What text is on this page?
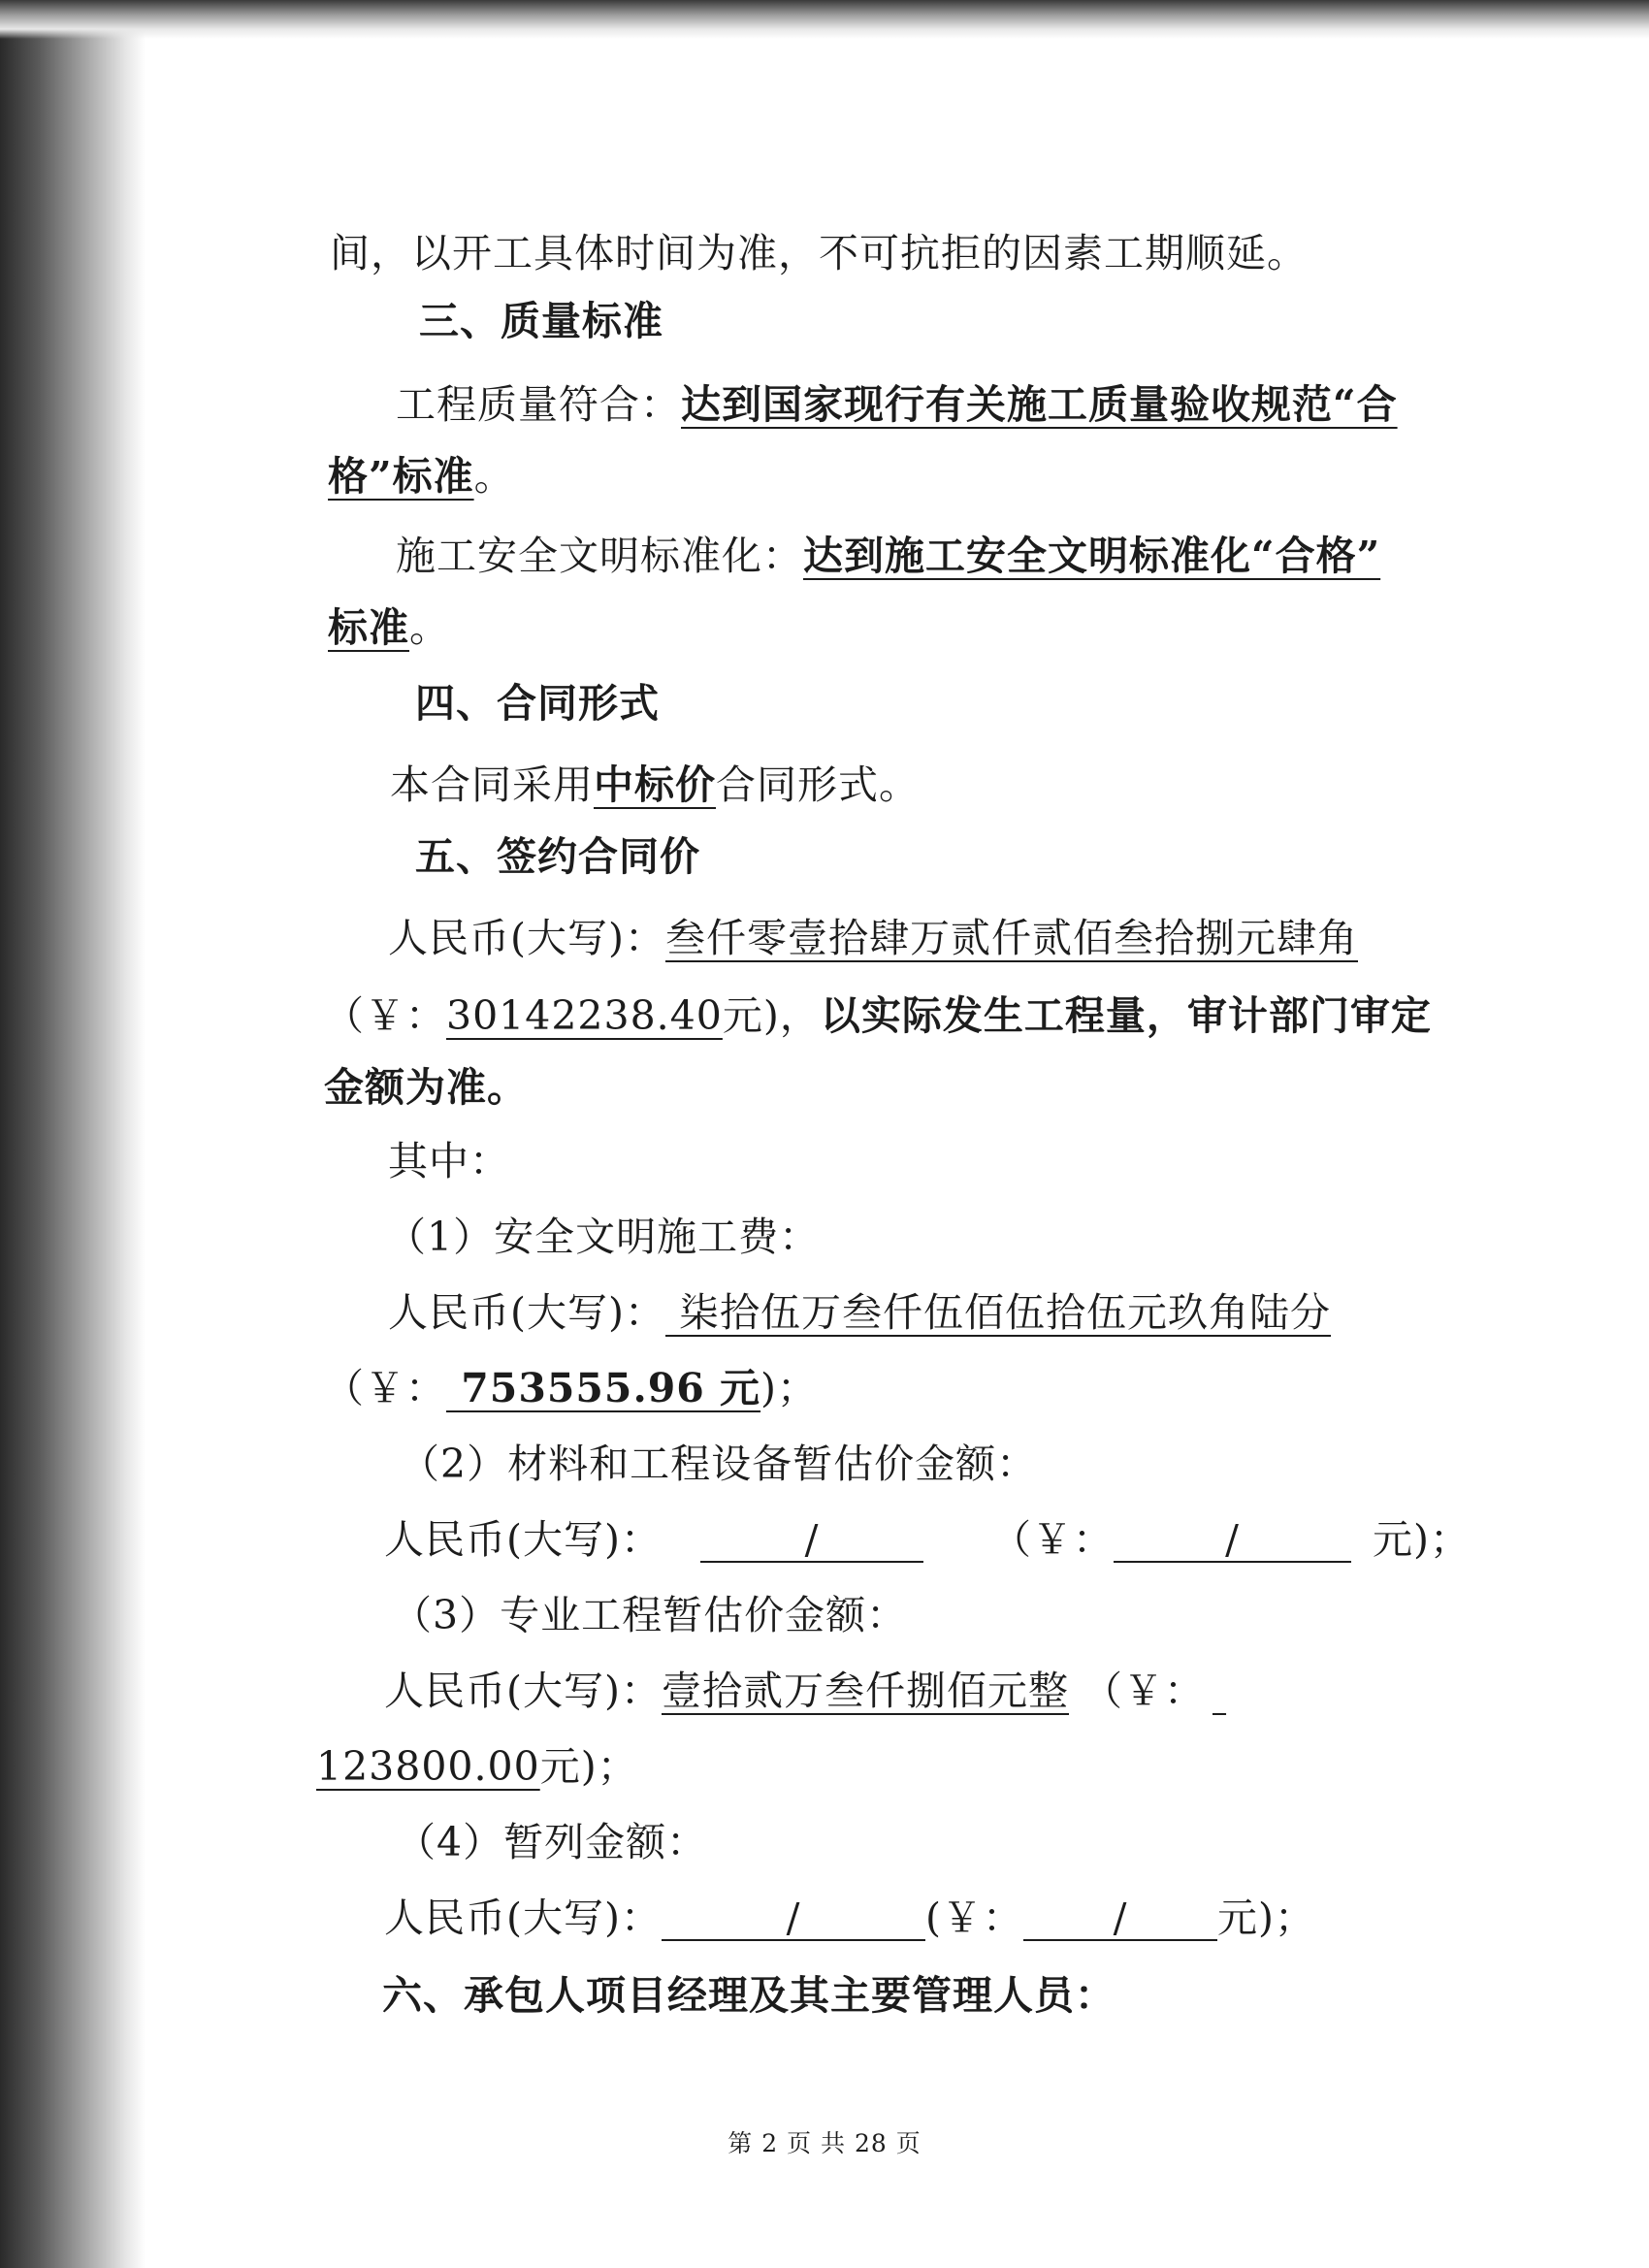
间，以开工具体时间为准，不可抗拒的因素工期顺延。
三、质量标准
工程质量符合：达到国家现行有关施工质量验收规范“合
格”标准。
施工安全文明标准化：达到施工安全文明标准化“合格”
标准。
四、合同形式
本合同采用中标价合同形式。
五、签约合同价
人民币(大写)：叁仟零壹拾肆万贰仟贰佰叁拾捌元肆角
（￥：30142238.40元)，以实际发生工程量，审计部门审定
金额为准。
其中：
（1）安全文明施工费：
人民币(大写)： 柒拾伍万叁仟伍佰伍拾伍元玖角陆分
（￥： 753555.96 元)；
（2）材料和工程设备暂估价金额：
人民币(大写)：	/	（￥：	/	元)；
（3）专业工程暂估价金额：
人民币(大写)：壹拾贰万叁仟捌佰元整 （￥：
123800.00元)；
（4）暂列金额：
人民币(大写)：	/	(￥： / 元)；
六、承包人项目经理及其主要管理人员：
第 2 页 共 28 页
